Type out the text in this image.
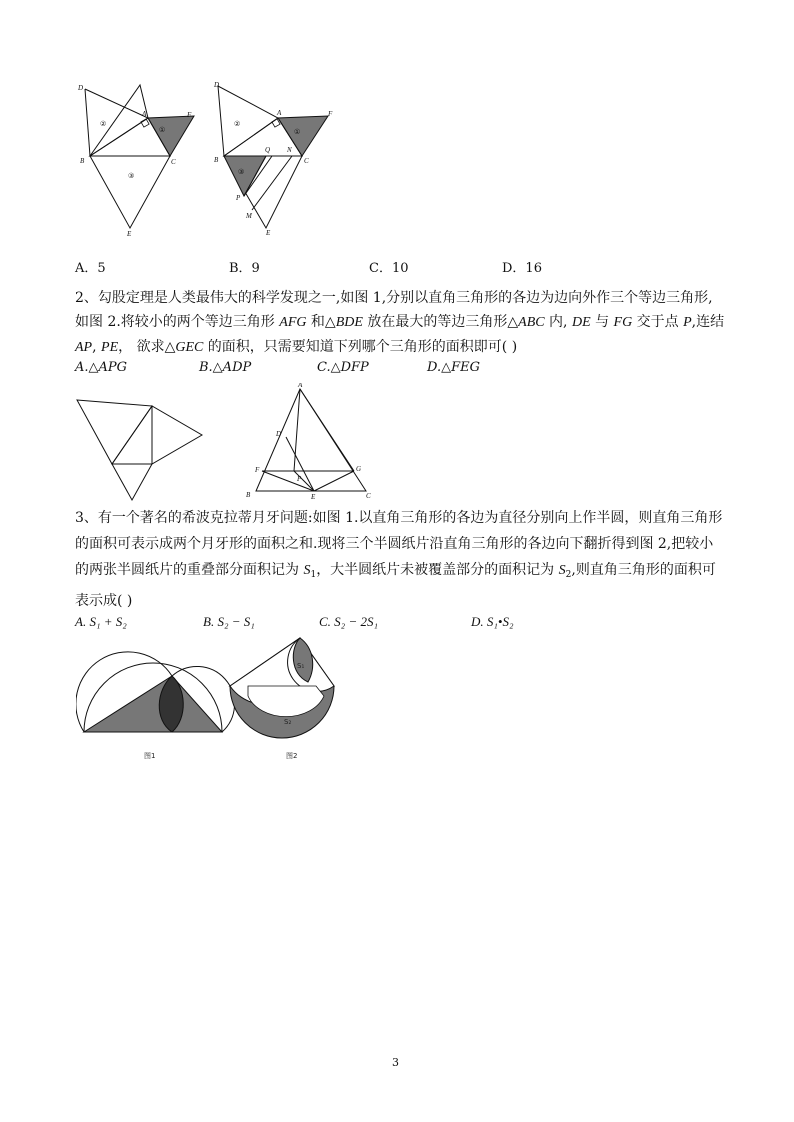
D
A	F
B	C
E
①
②
③
D
A	F
B
Q N
C
P
M
E
①
②
③
A．5	B．9	C．10	D．16

2、勾股定理是人类最伟大的科学发现之一,如图 1,分别以直角三角形的各边为边向外作三个等边三角形,

如图 2.将较小的两个等边三角形 AFG 和△BDE 放在最大的等边三角形△ABC 内, DE 与 FG 交于点 P,连结

AP, PE， 欲求△GEC 的面积，只需要知道下列哪个三角形的面积即可( )

A.△APG	B.△ADP	C.△DFP	D.△FEG
A
D
F
P
G
B	E	C

3、有一个著名的希波克拉蒂月牙问题:如图 1.以直角三角形的各边为直径分别向上作半圆，则直角三角形

的面积可表示成两个月牙形的面积之和.现将三个半圆纸片沿直角三角形的各边向下翻折得到图 2,把较小

的两张半圆纸片的重叠部分面积记为 $S_1$，大半圆纸片未被覆盖部分的面积记为 $S_2$,则直角三角形的面积可

表示成( )

A. S₁ + S₂	B. S₂ − S₁	C. S₂ − 2S₁	D. S₁•S₂
图1
S₁
S₂
图2
3
